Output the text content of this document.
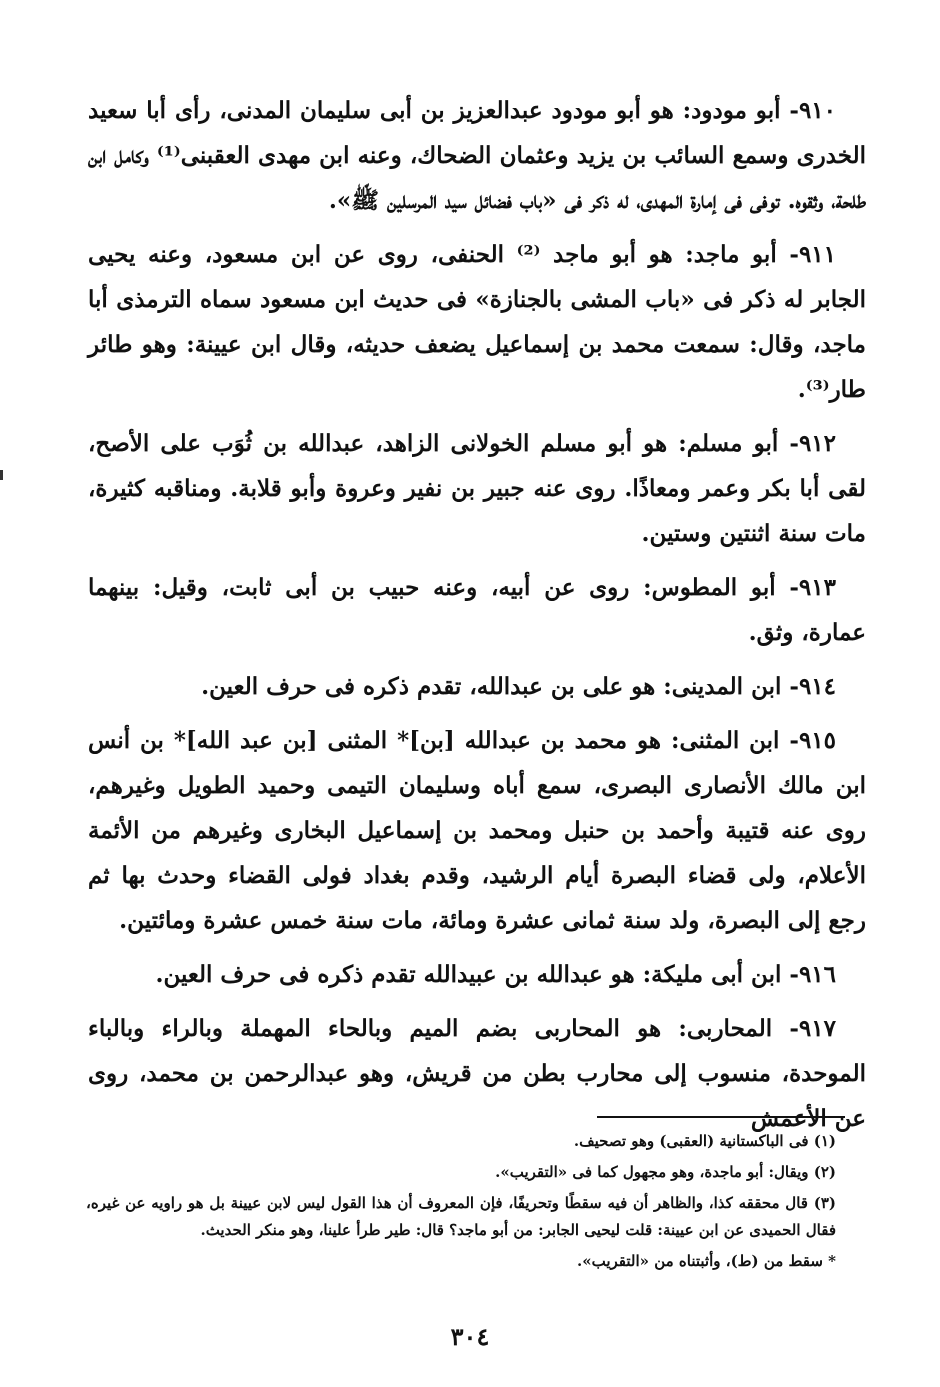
٩١٠- أبو مودود: هو أبو مودود عبدالعزيز بن أبى سليمان المدنى، رأى أبا سعيد الخدرى وسمع السائب بن يزيد وعثمان الضحاك، وعنه ابن مهدى العقبنى⁽¹⁾ وكامل ابن طلحة، وثقوه. توفى فى إمارة المهدى، له ذكر فى «باب فضائل سيد المرسلين ﷺ».

٩١١- أبو ماجد: هو أبو ماجد ⁽²⁾ الحنفى، روى عن ابن مسعود، وعنه يحيى الجابر له ذكر فى «باب المشى بالجنازة» فى حديث ابن مسعود سماه الترمذى أبا ماجد، وقال: سمعت محمد بن إسماعيل يضعف حديثه، وقال ابن عيينة: وهو طائر طار⁽³⁾.

٩١٢- أبو مسلم: هو أبو مسلم الخولانى الزاهد، عبدالله بن ثُوَب على الأصح، لقى أبا بكر وعمر ومعاذًا. روى عنه جبير بن نفير وعروة وأبو قلابة. ومناقبه كثيرة، مات سنة اثنتين وستين.

٩١٣- أبو المطوس: روى عن أبيه، وعنه حبيب بن أبى ثابت، وقيل: بينهما عمارة، وثق.

٩١٤- ابن المدينى: هو على بن عبدالله، تقدم ذكره فى حرف العين.

٩١٥- ابن المثنى: هو محمد بن عبدالله [بن]* المثنى [بن عبد الله]* بن أنس ابن مالك الأنصارى البصرى، سمع أباه وسليمان التيمى وحميد الطويل وغيرهم، روى عنه قتيبة وأحمد بن حنبل ومحمد بن إسماعيل البخارى وغيرهم من الأئمة الأعلام، ولى قضاء البصرة أيام الرشيد، وقدم بغداد فولى القضاء وحدث بها ثم رجع إلى البصرة، ولد سنة ثمانى عشرة ومائة، مات سنة خمس عشرة ومائتين.

٩١٦- ابن أبى مليكة: هو عبدالله بن عبيدالله تقدم ذكره فى حرف العين.

٩١٧- المحاربى: هو المحاربى بضم الميم وبالحاء المهملة وبالراء وبالباء الموحدة، منسوب إلى محارب بطن من قريش، وهو عبدالرحمن بن محمد، روى عن الأعمش

(١) فى الباكستانية (العقبى) وهو تصحيف.

(٢) ويقال: أبو ماجدة، وهو مجهول كما فى «التقريب».

(٣) قال محققه كذا، والظاهر أن فيه سقطًا وتحريفًا، فإن المعروف أن هذا القول ليس لابن عيينة بل هو راويه عن غيره، فقال الحميدى عن ابن عيينة: قلت ليحيى الجابر: من أبو ماجد؟ قال: طير طرأ علينا، وهو منكر الحديث.

* سقط من (ط)، وأثبتناه من «التقريب».

٣٠٤
